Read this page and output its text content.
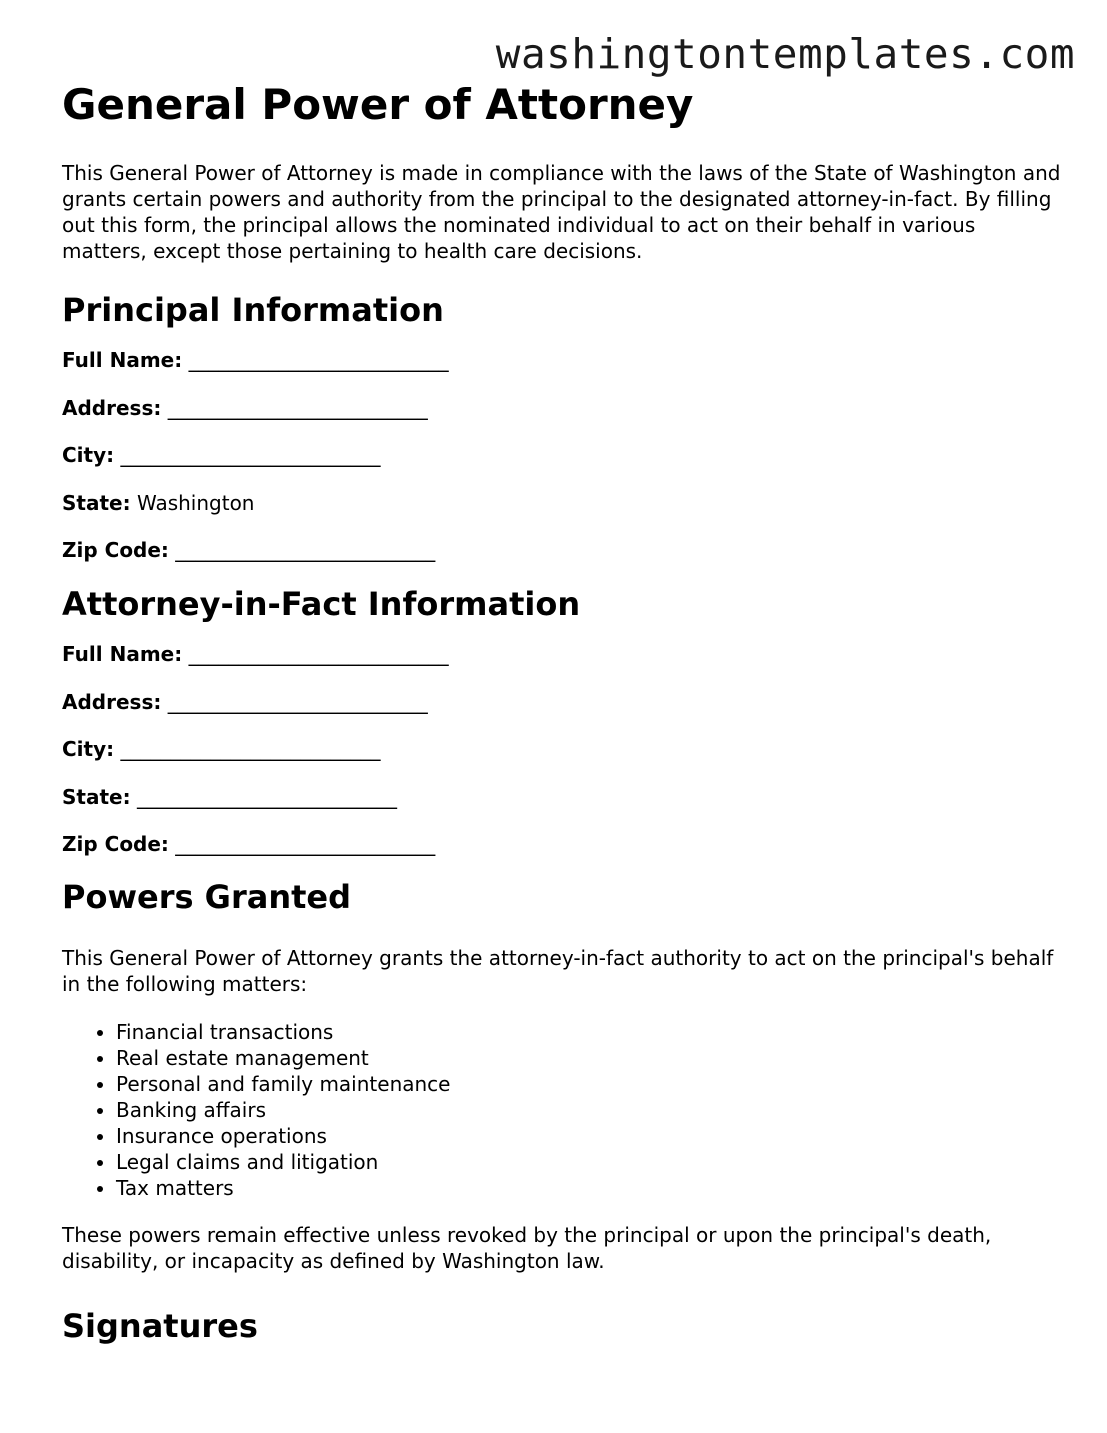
washingtontemplates.com
General Power of Attorney

This General Power of Attorney is made in compliance with the laws of the State of Washington and grants certain powers and authority from the principal to the designated attorney-in-fact. By filling out this form, the principal allows the nominated individual to act on their behalf in various matters, except those pertaining to health care decisions.

Principal Information

Full Name: __________________________

Address: __________________________

City: __________________________

State: Washington

Zip Code: __________________________

Attorney-in-Fact Information

Full Name: __________________________

Address: __________________________

City: __________________________

State: __________________________

Zip Code: __________________________

Powers Granted

This General Power of Attorney grants the attorney-in-fact authority to act on the principal's behalf in the following matters:

• Financial transactions
• Real estate management
• Personal and family maintenance
• Banking affairs
• Insurance operations
• Legal claims and litigation
• Tax matters

These powers remain effective unless revoked by the principal or upon the principal's death, disability, or incapacity as defined by Washington law.

Signatures
